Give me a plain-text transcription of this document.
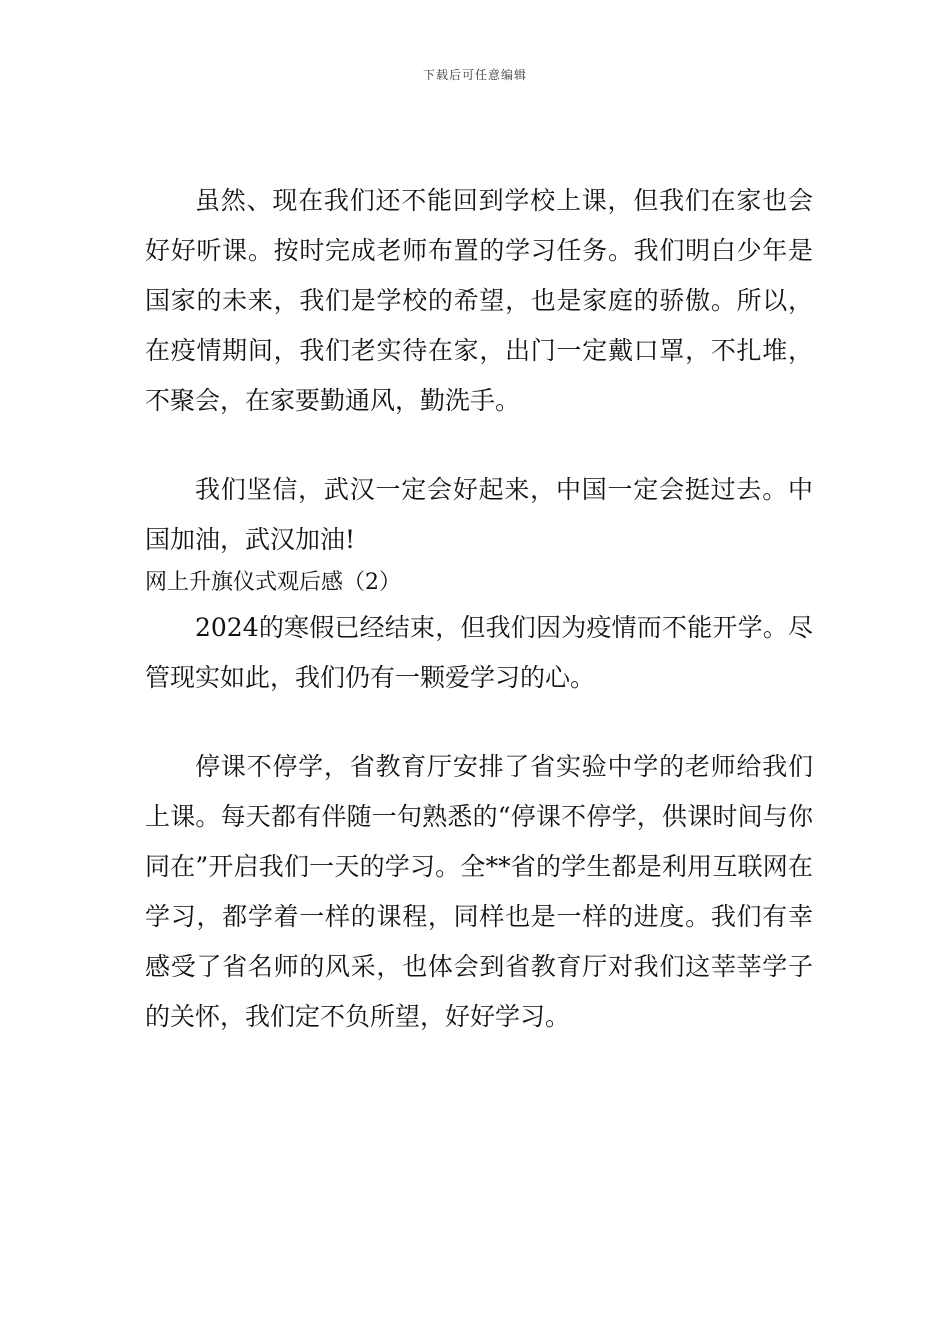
下载后可任意编辑

虽然、现在我们还不能回到学校上课，但我们在家也会好好听课。按时完成老师布置的学习任务。我们明白少年是国家的未来，我们是学校的希望，也是家庭的骄傲。所以，在疫情期间，我们老实待在家，出门一定戴口罩，不扎堆，不聚会，在家要勤通风，勤洗手。

我们坚信，武汉一定会好起来，中国一定会挺过去。中国加油，武汉加油!

网上升旗仪式观后感（2）

2024的寒假已经结束，但我们因为疫情而不能开学。尽管现实如此，我们仍有一颗爱学习的心。

停课不停学，省教育厅安排了省实验中学的老师给我们上课。每天都有伴随一句熟悉的“停课不停学，供课时间与你同在”开启我们一天的学习。全**省的学生都是利用互联网在学习，都学着一样的课程，同样也是一样的进度。我们有幸感受了省名师的风采，也体会到省教育厅对我们这莘莘学子的关怀，我们定不负所望，好好学习。
